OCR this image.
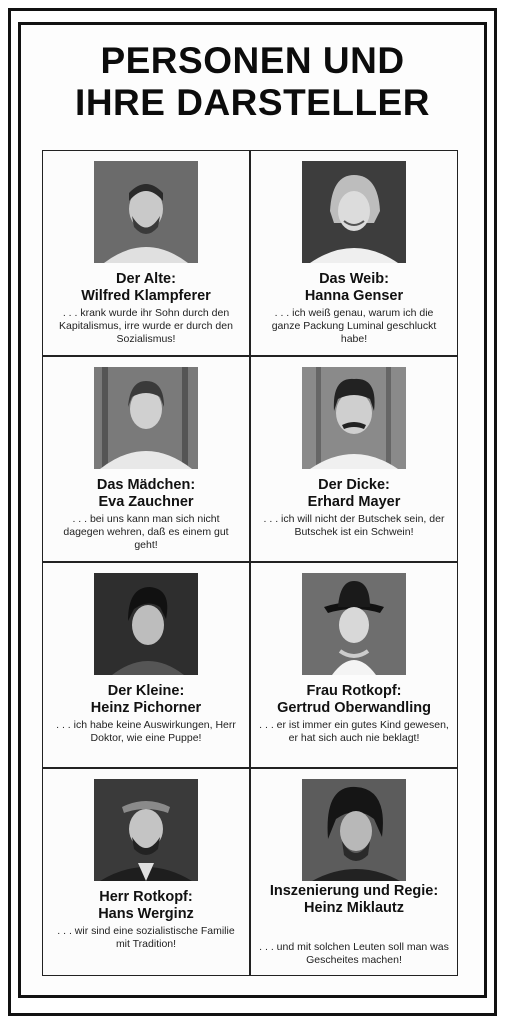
PERSONEN UND
IHRE DARSTELLER
Der Alte:
Wilfred Klampferer
. . . krank wurde ihr Sohn durch den Kapitalismus, irre wurde er durch den Sozialismus!
Das Weib:
Hanna Genser
. . . ich weiß genau, warum ich die ganze Packung Luminal geschluckt habe!
Das Mädchen:
Eva Zauchner
. . . bei uns kann man sich nicht dagegen wehren, daß es einem gut geht!
Der Dicke:
Erhard Mayer
. . . ich will nicht der Butschek sein, der Butschek ist ein Schwein!
Der Kleine:
Heinz Pichorner
. . . ich habe keine Auswirkungen, Herr Doktor, wie eine Puppe!
Frau Rotkopf:
Gertrud Oberwandling
. . . er ist immer ein gutes Kind gewesen, er hat sich auch nie beklagt!
Herr Rotkopf:
Hans Werginz
. . . wir sind eine sozialistische Familie mit Tradition!
Inszenierung und Regie:
Heinz Miklautz
. . . und mit solchen Leuten soll man was Gescheites machen!
